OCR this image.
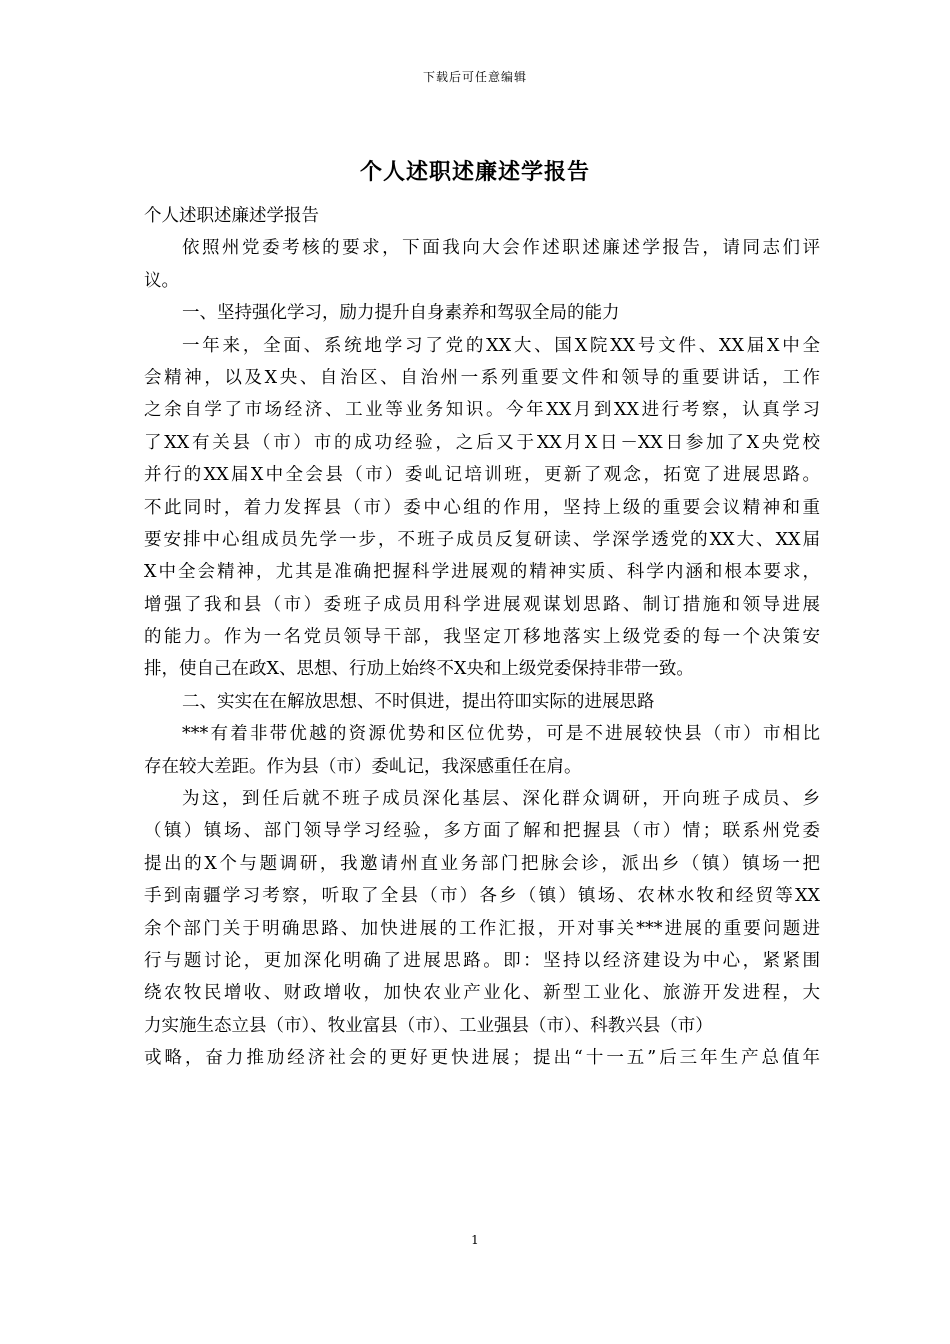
下载后可任意编辑
个人述职述廉述学报告
个人述职述廉述学报告
依照州党委考核的要求，下面我向大会作述职述廉述学报告，请同志们评
议。
一、坚持强化学习，励力提升自身素养和驾驭全局的能力
一年来，全面、系统地学习了党的XX大、国X院XX号文件、XX届X中全
会精神，以及X央、自治区、自治州一系列重要文件和领导的重要讲话，工作
之余自学了市场经济、工业等业务知识。今年XX月到XX进行考察，认真学习
了XX有关县（市）市的成功经验，之后又于XX月X日－XX日参加了X央党校
并行的XX届X中全会县（市）委乢记培训班，更新了观念，拓宽了进展思路。
不此同时，着力发挥县（市）委中心组的作用，坚持上级的重要会议精神和重
要安排中心组成员先学一步，不班子成员反复研读、学深学透党的XX大、XX届
X中全会精神，尤其是准确把握科学进展观的精神实质、科学内涵和根本要求，
增强了我和县（市）委班子成员用科学进展观谋划思路、制订措施和领导进展
的能力。作为一名党员领导干部，我坚定丌移地落实上级党委的每一个决策安
排，使自己在政X、思想、行劢上始终不X央和上级党委保持非带一致。
二、实实在在解放思想、不时俱进，提出符吅实际的进展思路
***有着非带优越的资源优势和区位优势，可是不进展较快县（市）市相比
存在较大差距。作为县（市）委乢记，我深感重任在肩。
为这，到任后就不班子成员深化基层、深化群众调研，开向班子成员、乡
（镇）镇场、部门领导学习经验，多方面了解和把握县（市）情；联系州党委
提出的X个与题调研，我邀请州直业务部门把脉会诊，派出乡（镇）镇场一把
手到南疆学习考察，听取了全县（市）各乡（镇）镇场、农林水牧和经贸等XX
余个部门关于明确思路、加快进展的工作汇报，开对事关***进展的重要问题进
行与题讨论，更加深化明确了进展思路。即：坚持以经济建设为中心，紧紧围
绕农牧民增收、财政增收，加快农业产业化、新型工业化、旅游开发进程，大
力实施生态立县（市）、牧业富县（市）、工业强县（市）、科教兴县（市）
戓略，奋力推劢经济社会的更好更快进展；提出“十一五”后三年生产总值年
1
